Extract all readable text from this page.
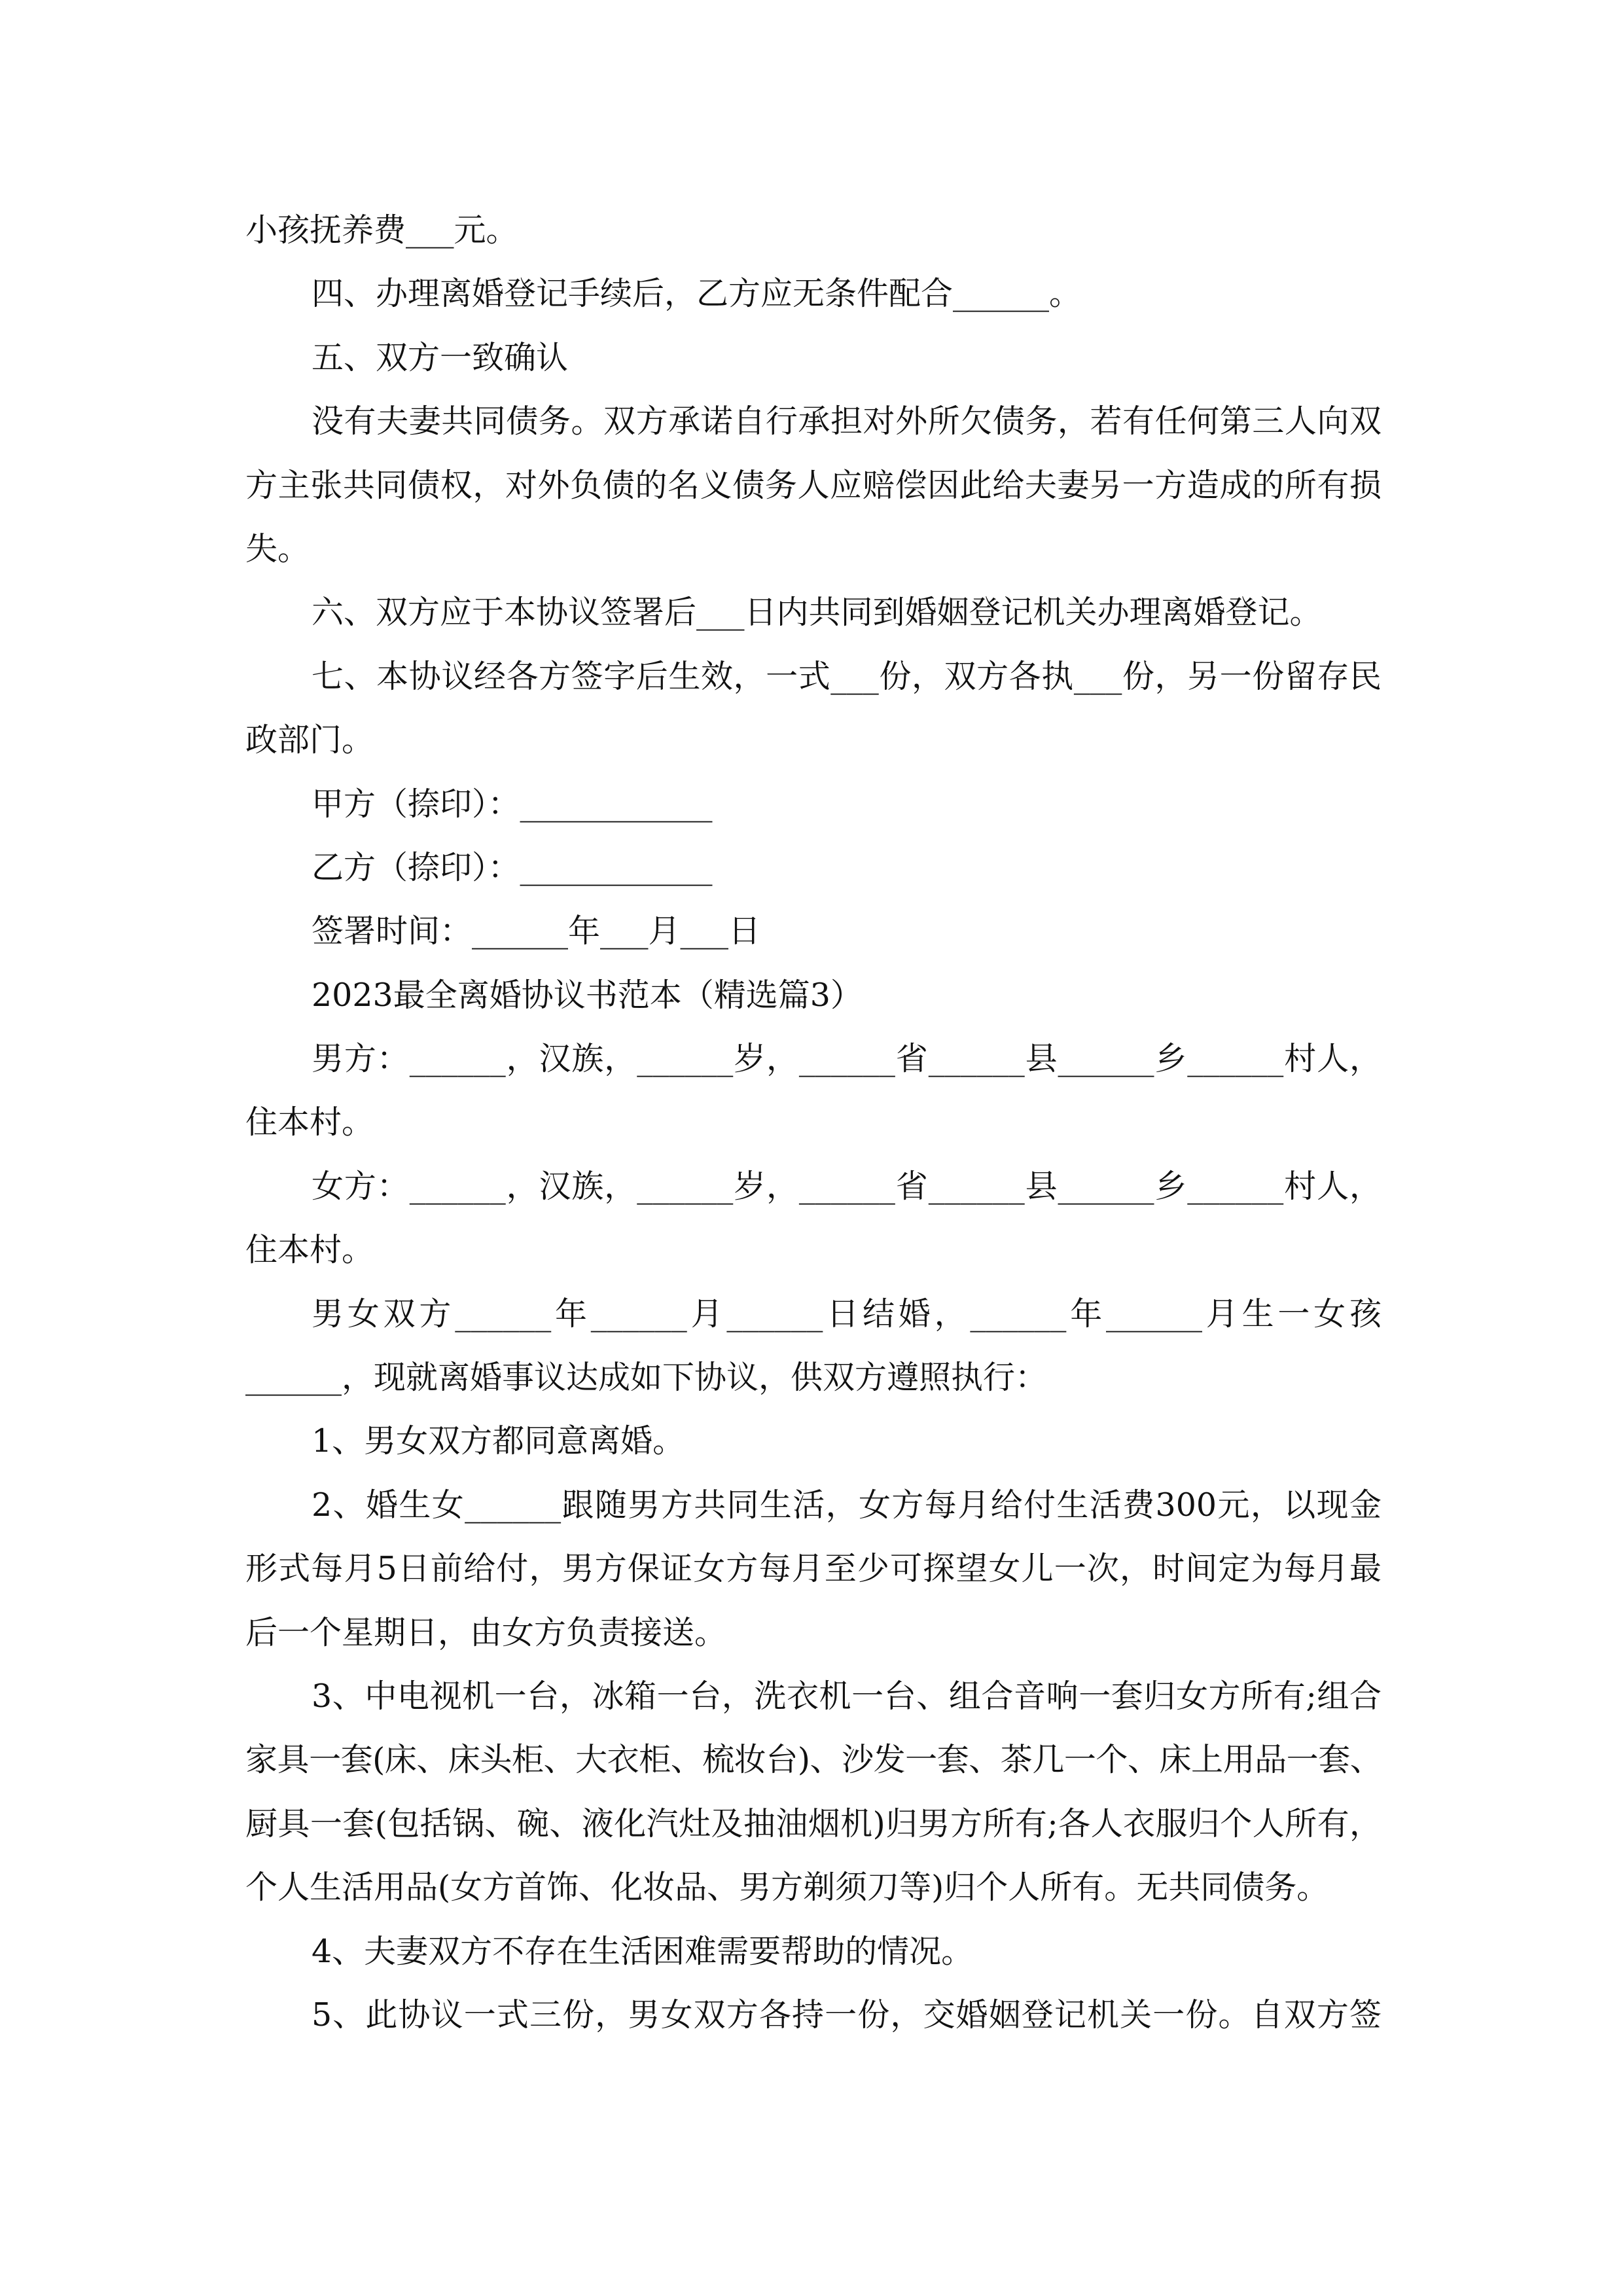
小孩抚养费___元。
四、办理离婚登记手续后，乙方应无条件配合______。
五、双方一致确认
没有夫妻共同债务。双方承诺自行承担对外所欠债务，若有任何第三人向双
方主张共同债权，对外负债的名义债务人应赔偿因此给夫妻另一方造成的所有损
失。
六、双方应于本协议签署后___日内共同到婚姻登记机关办理离婚登记。
七、本协议经各方签字后生效，一式___份，双方各执___份，另一份留存民
政部门。
甲方（捺印）：____________
乙方（捺印）：____________
签署时间：______年___月___日
2023最全离婚协议书范本（精选篇3）
男方：______，汉族，______岁，______省______县______乡______村人，
住本村。
女方：______，汉族，______岁，______省______县______乡______村人，
住本村。
男女双方______年______月______日结婚，______年______月生一女孩
______，现就离婚事议达成如下协议，供双方遵照执行：
1、男女双方都同意离婚。
2、婚生女______跟随男方共同生活，女方每月给付生活费300元，以现金
形式每月5日前给付，男方保证女方每月至少可探望女儿一次，时间定为每月最
后一个星期日，由女方负责接送。
3、中电视机一台，冰箱一台，洗衣机一台、组合音响一套归女方所有;组合
家具一套(床、床头柜、大衣柜、梳妆台)、沙发一套、茶几一个、床上用品一套、
厨具一套(包括锅、碗、液化汽灶及抽油烟机)归男方所有;各人衣服归个人所有，
个人生活用品(女方首饰、化妆品、男方剃须刀等)归个人所有。无共同债务。
4、夫妻双方不存在生活困难需要帮助的情况。
5、此协议一式三份，男女双方各持一份，交婚姻登记机关一份。自双方签
